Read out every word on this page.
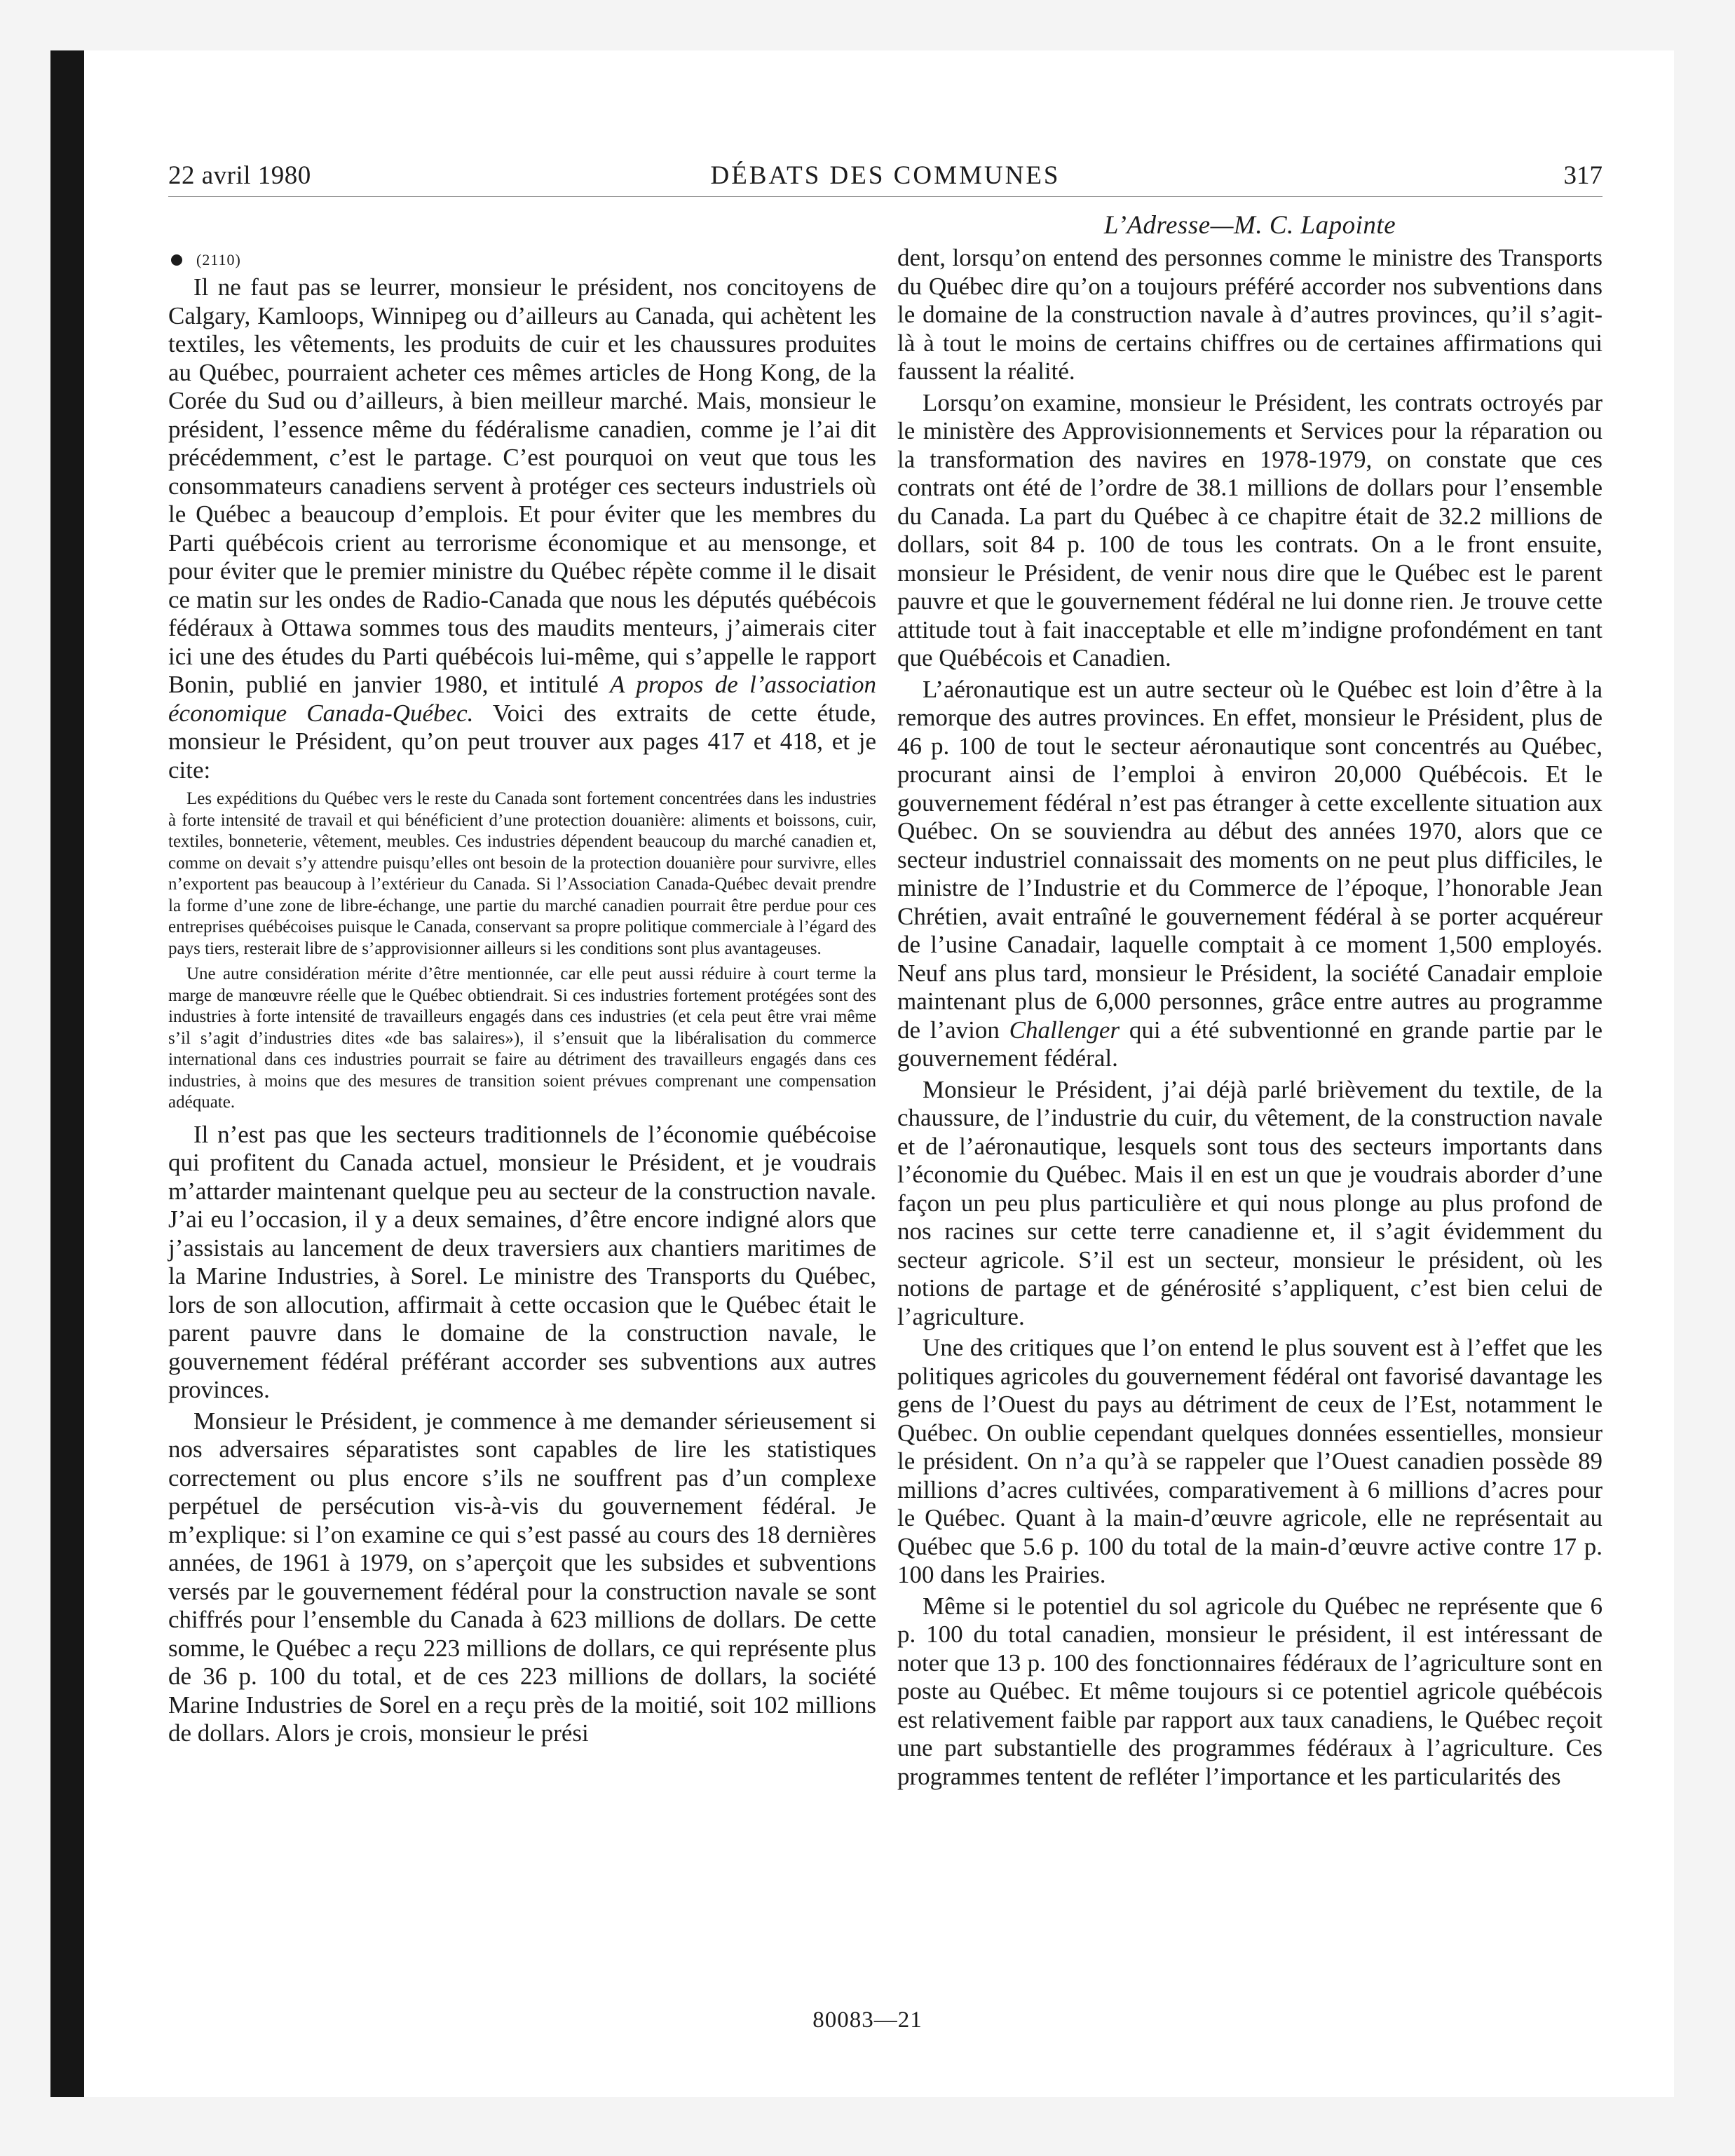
22 avril 1980	DÉBATS DES COMMUNES	317
(2110)

Il ne faut pas se leurrer, monsieur le président, nos concitoyens de Calgary, Kamloops, Winnipeg ou d’ailleurs au Canada, qui achètent les textiles, les vêtements, les produits de cuir et les chaussures produites au Québec, pourraient acheter ces mêmes articles de Hong Kong, de la Corée du Sud ou d’ailleurs, à bien meilleur marché. Mais, monsieur le président, l’essence même du fédéralisme canadien, comme je l’ai dit précédemment, c’est le partage. C’est pourquoi on veut que tous les consommateurs canadiens servent à protéger ces secteurs industriels où le Québec a beaucoup d’emplois. Et pour éviter que les membres du Parti québécois crient au terrorisme économique et au mensonge, et pour éviter que le premier ministre du Québec répète comme il le disait ce matin sur les ondes de Radio-Canada que nous les députés québécois fédéraux à Ottawa sommes tous des maudits menteurs, j’aimerais citer ici une des études du Parti québécois lui-même, qui s’appelle le rapport Bonin, publié en janvier 1980, et intitulé A propos de l’association économique Canada-Québec. Voici des extraits de cette étude, monsieur le Président, qu’on peut trouver aux pages 417 et 418, et je cite:

Les expéditions du Québec vers le reste du Canada sont fortement concentrées dans les industries à forte intensité de travail et qui bénéficient d’une protection douanière: aliments et boissons, cuir, textiles, bonneterie, vêtement, meubles. Ces industries dépendent beaucoup du marché canadien et, comme on devait s’y attendre puisqu’elles ont besoin de la protection douanière pour survivre, elles n’exportent pas beaucoup à l’extérieur du Canada. Si l’Association Canada-Québec devait prendre la forme d’une zone de libre-échange, une partie du marché canadien pourrait être perdue pour ces entreprises québécoises puisque le Canada, conservant sa propre politique commerciale à l’égard des pays tiers, resterait libre de s’approvisionner ailleurs si les conditions sont plus avantageuses.

Une autre considération mérite d’être mentionnée, car elle peut aussi réduire à court terme la marge de manœuvre réelle que le Québec obtiendrait. Si ces industries fortement protégées sont des industries à forte intensité de travailleurs engagés dans ces industries (et cela peut être vrai même s’il s’agit d’industries dites «de bas salaires»), il s’ensuit que la libéralisation du commerce international dans ces industries pourrait se faire au détriment des travailleurs engagés dans ces industries, à moins que des mesures de transition soient prévues comprenant une compensation adéquate.

Il n’est pas que les secteurs traditionnels de l’économie québécoise qui profitent du Canada actuel, monsieur le Président, et je voudrais m’attarder maintenant quelque peu au secteur de la construction navale. J’ai eu l’occasion, il y a deux semaines, d’être encore indigné alors que j’assistais au lancement de deux traversiers aux chantiers maritimes de la Marine Industries, à Sorel. Le ministre des Transports du Québec, lors de son allocution, affirmait à cette occasion que le Québec était le parent pauvre dans le domaine de la construction navale, le gouvernement fédéral préférant accorder ses subventions aux autres provinces.

Monsieur le Président, je commence à me demander sérieusement si nos adversaires séparatistes sont capables de lire les statistiques correctement ou plus encore s’ils ne souffrent pas d’un complexe perpétuel de persécution vis-à-vis du gouvernement fédéral. Je m’explique: si l’on examine ce qui s’est passé au cours des 18 dernières années, de 1961 à 1979, on s’aperçoit que les subsides et subventions versés par le gouvernement fédéral pour la construction navale se sont chiffrés pour l’ensemble du Canada à 623 millions de dollars. De cette somme, le Québec a reçu 223 millions de dollars, ce qui représente plus de 36 p. 100 du total, et de ces 223 millions de dollars, la société Marine Industries de Sorel en a reçu près de la moitié, soit 102 millions de dollars. Alors je crois, monsieur le prési

L’Adresse—M. C. Lapointe

dent, lorsqu’on entend des personnes comme le ministre des Transports du Québec dire qu’on a toujours préféré accorder nos subventions dans le domaine de la construction navale à d’autres provinces, qu’il s’agit-là à tout le moins de certains chiffres ou de certaines affirmations qui faussent la réalité.

Lorsqu’on examine, monsieur le Président, les contrats octroyés par le ministère des Approvisionnements et Services pour la réparation ou la transformation des navires en 1978-1979, on constate que ces contrats ont été de l’ordre de 38.1 millions de dollars pour l’ensemble du Canada. La part du Québec à ce chapitre était de 32.2 millions de dollars, soit 84 p. 100 de tous les contrats. On a le front ensuite, monsieur le Président, de venir nous dire que le Québec est le parent pauvre et que le gouvernement fédéral ne lui donne rien. Je trouve cette attitude tout à fait inacceptable et elle m’indigne profondément en tant que Québécois et Canadien.

L’aéronautique est un autre secteur où le Québec est loin d’être à la remorque des autres provinces. En effet, monsieur le Président, plus de 46 p. 100 de tout le secteur aéronautique sont concentrés au Québec, procurant ainsi de l’emploi à environ 20,000 Québécois. Et le gouvernement fédéral n’est pas étranger à cette excellente situation aux Québec. On se souviendra au début des années 1970, alors que ce secteur industriel connaissait des moments on ne peut plus difficiles, le ministre de l’Industrie et du Commerce de l’époque, l’honorable Jean Chrétien, avait entraîné le gouvernement fédéral à se porter acquéreur de l’usine Canadair, laquelle comptait à ce moment 1,500 employés. Neuf ans plus tard, monsieur le Président, la société Canadair emploie maintenant plus de 6,000 personnes, grâce entre autres au programme de l’avion Challenger qui a été subventionné en grande partie par le gouvernement fédéral.

Monsieur le Président, j’ai déjà parlé brièvement du textile, de la chaussure, de l’industrie du cuir, du vêtement, de la construction navale et de l’aéronautique, lesquels sont tous des secteurs importants dans l’économie du Québec. Mais il en est un que je voudrais aborder d’une façon un peu plus particulière et qui nous plonge au plus profond de nos racines sur cette terre canadienne et, il s’agit évidemment du secteur agricole. S’il est un secteur, monsieur le président, où les notions de partage et de générosité s’appliquent, c’est bien celui de l’agriculture.

Une des critiques que l’on entend le plus souvent est à l’effet que les politiques agricoles du gouvernement fédéral ont favorisé davantage les gens de l’Ouest du pays au détriment de ceux de l’Est, notamment le Québec. On oublie cependant quelques données essentielles, monsieur le président. On n’a qu’à se rappeler que l’Ouest canadien possède 89 millions d’acres cultivées, comparativement à 6 millions d’acres pour le Québec. Quant à la main-d’œuvre agricole, elle ne représentait au Québec que 5.6 p. 100 du total de la main-d’œuvre active contre 17 p. 100 dans les Prairies.

Même si le potentiel du sol agricole du Québec ne représente que 6 p. 100 du total canadien, monsieur le président, il est intéressant de noter que 13 p. 100 des fonctionnaires fédéraux de l’agriculture sont en poste au Québec. Et même toujours si ce potentiel agricole québécois est relativement faible par rapport aux taux canadiens, le Québec reçoit une part substantielle des programmes fédéraux à l’agriculture. Ces programmes tentent de refléter l’importance et les particularités des

80083—21
